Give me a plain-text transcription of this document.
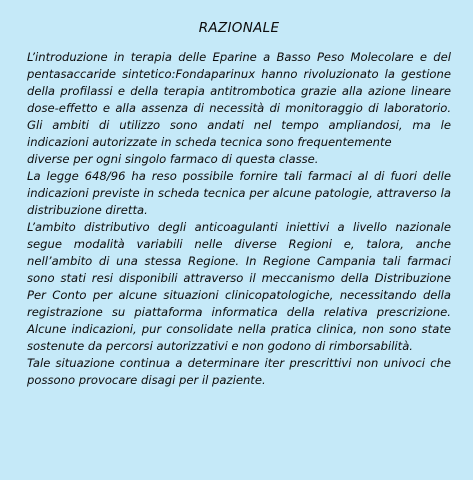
RAZIONALE

L’introduzione in terapia delle Eparine a Basso Peso Molecolare e del pentasaccaride sintetico:Fondaparinux hanno rivoluzionato la gestione della profilassi e della terapia antitrombotica grazie alla azione lineare dose-effetto e alla assenza di necessità di monitoraggio di laboratorio. Gli ambiti di utilizzo sono andati nel tempo ampliandosi, ma le indicazioni autorizzate in scheda tecnica sono frequentemente

diverse per ogni singolo farmaco di questa classe.

La legge 648/96 ha reso possibile fornire tali farmaci al di fuori delle indicazioni previste in scheda tecnica per alcune patologie, attraverso la distribuzione diretta.

L’ambito distributivo degli anticoagulanti iniettivi a livello nazionale segue modalità variabili nelle diverse Regioni e, talora, anche nell’ambito di una stessa Regione. In Regione Campania tali farmaci sono stati resi disponibili attraverso il meccanismo della Distribuzione Per Conto per alcune situazioni clinicopatologiche, necessitando della registrazione su piattaforma informatica della relativa prescrizione. Alcune indicazioni, pur consolidate nella pratica clinica, non sono state sostenute da percorsi autorizzativi e non godono di rimborsabilità.

Tale situazione continua a determinare iter prescrittivi non univoci che possono provocare disagi per il paziente.
